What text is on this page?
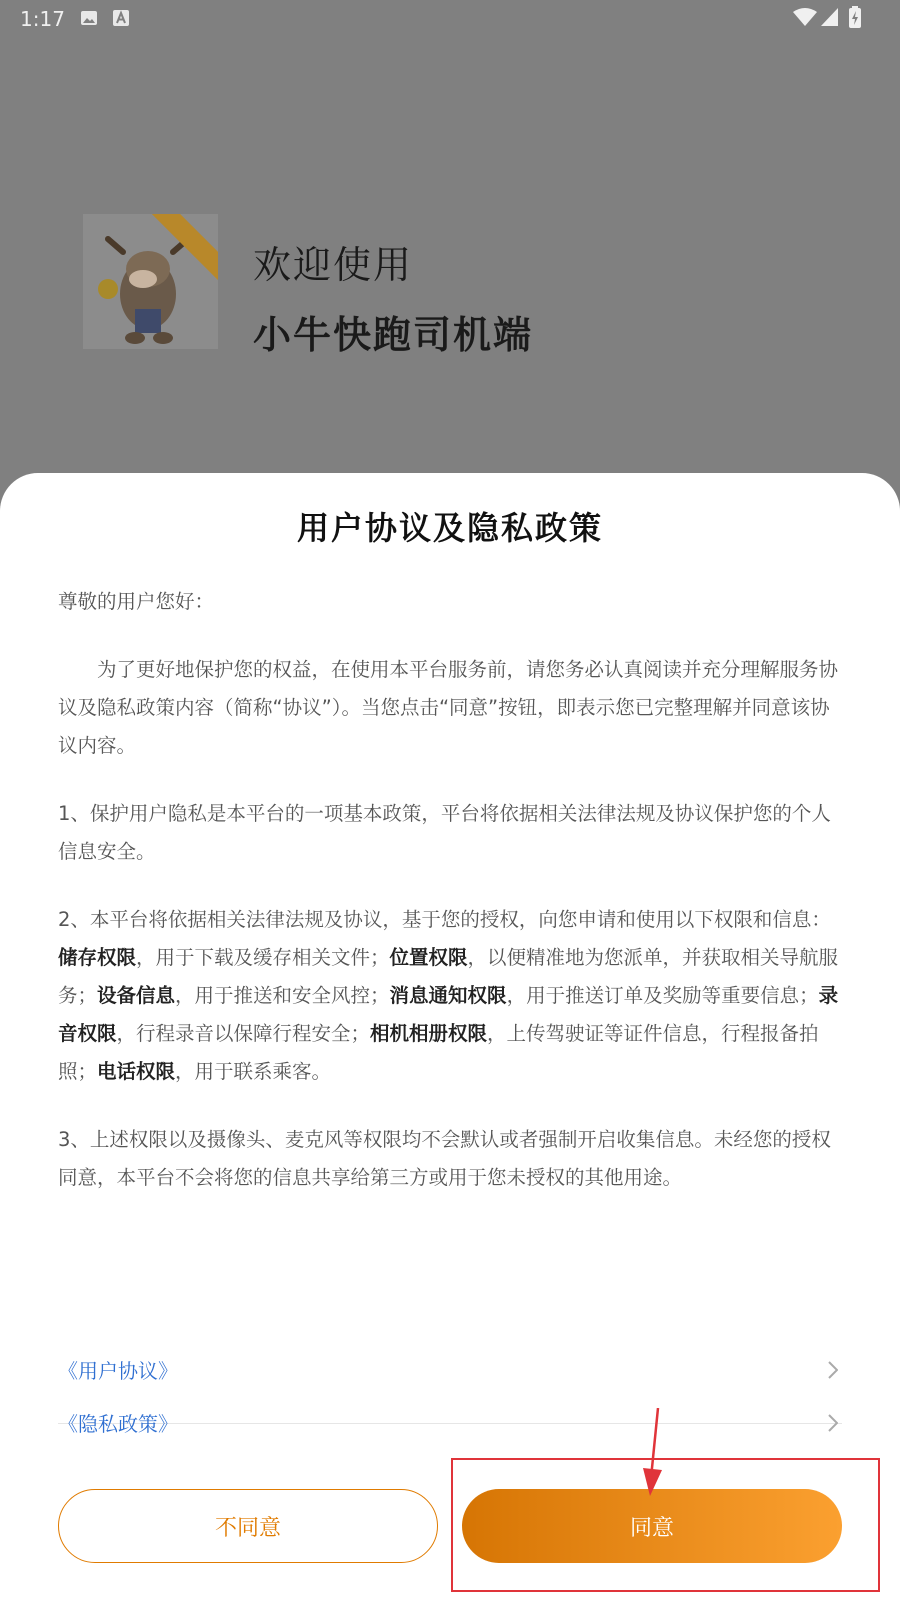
1:17
欢迎使用
小牛快跑司机端
用户协议及隐私政策

尊敬的用户您好：

为了更好地保护您的权益，在使用本平台服务前，请您务必认真阅读并充分理解服务协议及隐私政策内容（简称“协议”）。当您点击“同意”按钮，即表示您已完整理解并同意该协议内容。

1、保护用户隐私是本平台的一项基本政策，平台将依据相关法律法规及协议保护您的个人信息安全。

2、本平台将依据相关法律法规及协议，基于您的授权，向您申请和使用以下权限和信息：储存权限，用于下载及缓存相关文件；位置权限，以便精准地为您派单，并获取相关导航服务；设备信息，用于推送和安全风控；消息通知权限，用于推送订单及奖励等重要信息；录音权限，行程录音以保障行程安全；相机相册权限，上传驾驶证等证件信息，行程报备拍照；电话权限，用于联系乘客。

3、上述权限以及摄像头、麦克风等权限均不会默认或者强制开启收集信息。未经您的授权同意，本平台不会将您的信息共享给第三方或用于您未授权的其他用途。

《用户协议》
《隐私政策》
不同意	同意
